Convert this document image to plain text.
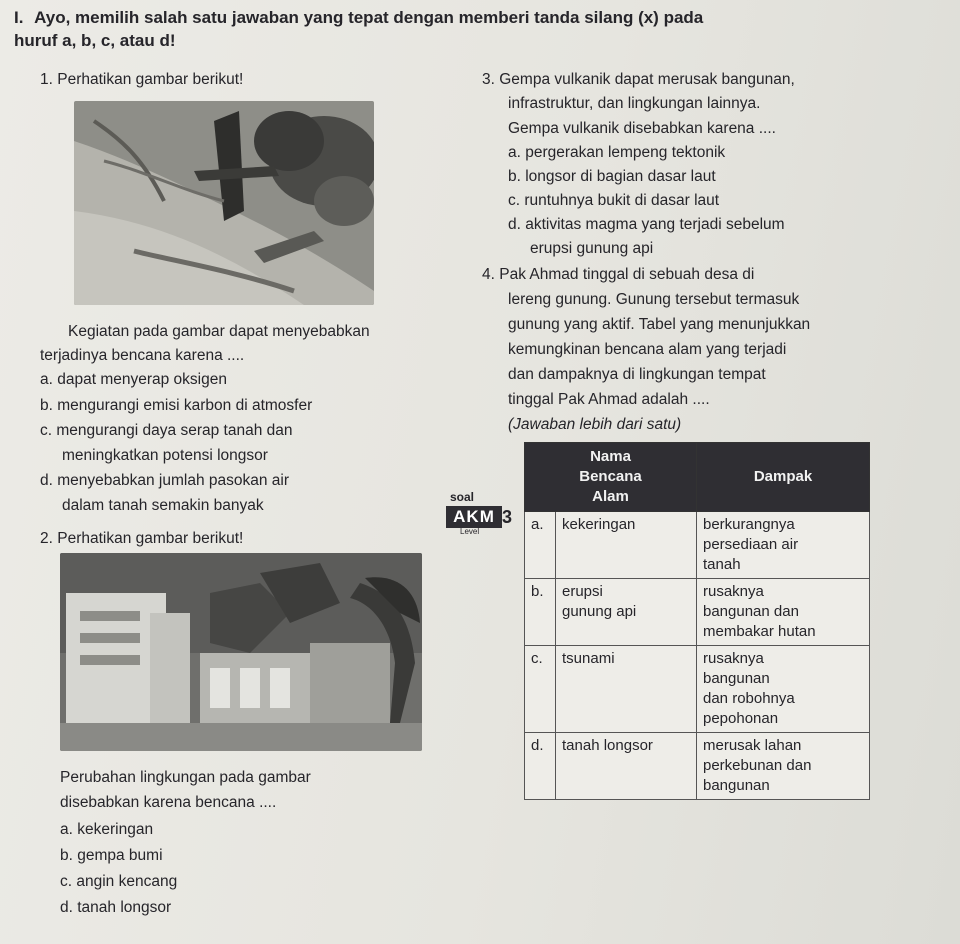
I. Ayo, memilih salah satu jawaban yang tepat dengan memberi tanda silang (x) pada
huruf a, b, c, atau d!
1. Perhatikan gambar berikut!
Kegiatan pada gambar dapat menyebabkan
terjadinya bencana karena ....
a. dapat menyerap oksigen
b. mengurangi emisi karbon di atmosfer
c. mengurangi daya serap tanah dan
meningkatkan potensi longsor
d. menyebabkan jumlah pasokan air
dalam tanah semakin banyak
2. Perhatikan gambar berikut!
Perubahan lingkungan pada gambar
disebabkan karena bencana ....
a. kekeringan
b. gempa bumi
c. angin kencang
d. tanah longsor
soal
AKM 3
Level
3. Gempa vulkanik dapat merusak bangunan,
infrastruktur, dan lingkungan lainnya.
Gempa vulkanik disebabkan karena ....
a. pergerakan lempeng tektonik
b. longsor di bagian dasar laut
c. runtuhnya bukit di dasar laut
d. aktivitas magma yang terjadi sebelum
erupsi gunung api
4. Pak Ahmad tinggal di sebuah desa di
lereng gunung. Gunung tersebut termasuk
gunung yang aktif. Tabel yang menunjukkan
kemungkinan bencana alam yang terjadi
dan dampaknya di lingkungan tempat
tinggal Pak Ahmad adalah ....
(Jawaban lebih dari satu)
Nama
Bencana
Alam		Dampak
a.	kekeringan	berkurangnya
persediaan air
tanah
b.	erupsi
gunung api	rusaknya
bangunan dan
membakar hutan
c.	tsunami	rusaknya
bangunan
dan robohnya
pepohonan
d.	tanah longsor	merusak lahan
perkebunan dan
bangunan
